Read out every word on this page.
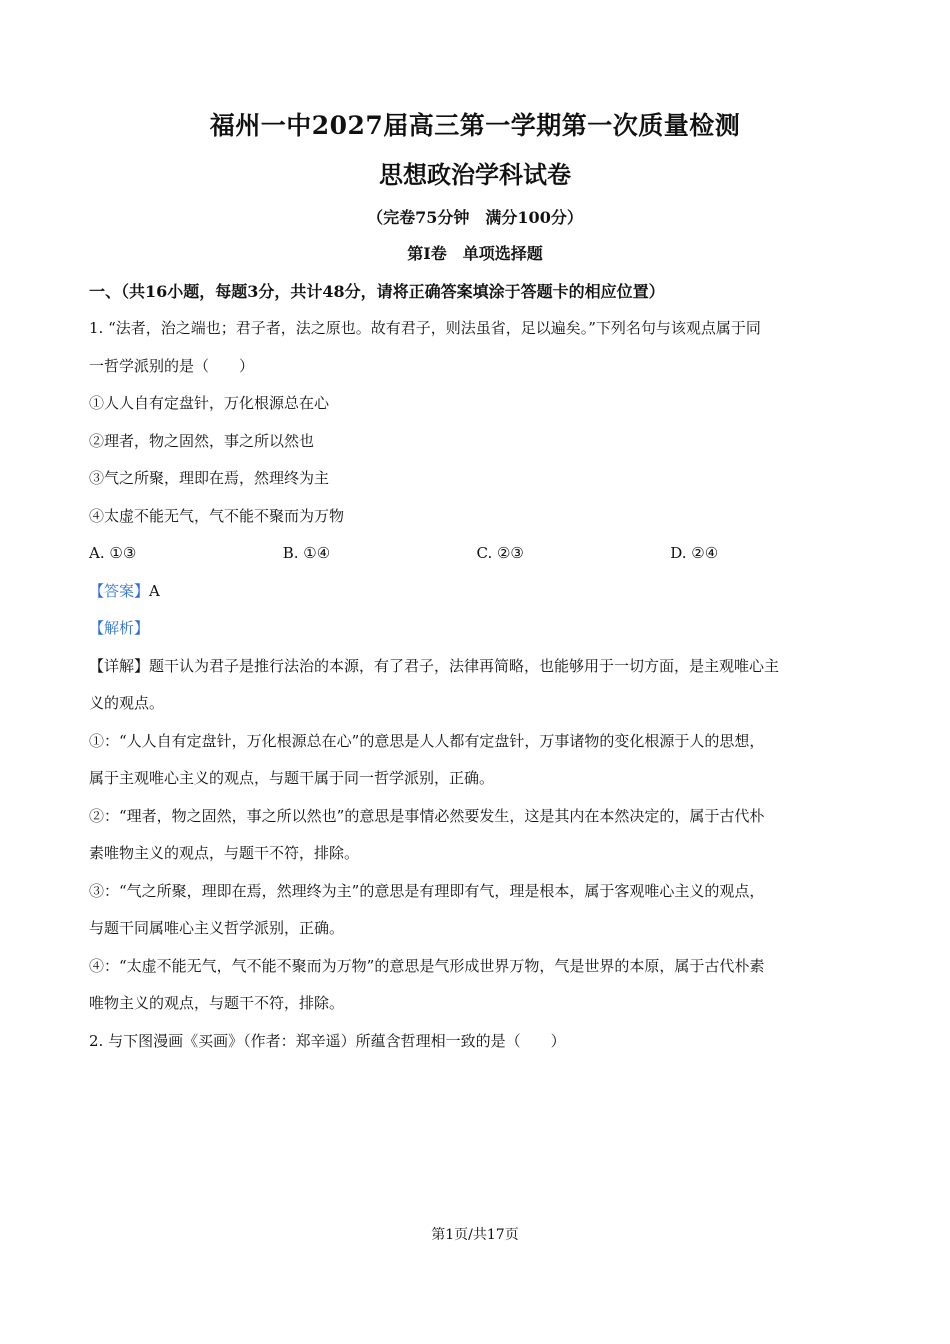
福州一中2027届高三第一学期第一次质量检测
思想政治学科试卷
（完卷75分钟　满分100分）
第Ⅰ卷　单项选择题
一、（共16小题，每题3分，共计48分，请将正确答案填涂于答题卡的相应位置）

1. “法者，治之端也；君子者，法之原也。故有君子，则法虽省，足以遍矣。”下列名句与该观点属于同

一哲学派别的是（　　）

①人人自有定盘针，万化根源总在心

②理者，物之固然，事之所以然也

③气之所聚，理即在焉，然理终为主

④太虚不能无气，气不能不聚而为万物

A. ①③	B. ①④	C. ②③	D. ②④

【答案】A

【解析】

【详解】题干认为君子是推行法治的本源，有了君子，法律再简略，也能够用于一切方面，是主观唯心主

义的观点。

①：“人人自有定盘针，万化根源总在心”的意思是人人都有定盘针，万事诸物的变化根源于人的思想，

属于主观唯心主义的观点，与题干属于同一哲学派别，正确。

②：“理者，物之固然，事之所以然也”的意思是事情必然要发生，这是其内在本然决定的，属于古代朴

素唯物主义的观点，与题干不符，排除。

③：“气之所聚，理即在焉，然理终为主”的意思是有理即有气，理是根本，属于客观唯心主义的观点，

与题干同属唯心主义哲学派别，正确。

④：“太虚不能无气，气不能不聚而为万物”的意思是气形成世界万物，气是世界的本原，属于古代朴素

唯物主义的观点，与题干不符，排除。

2. 与下图漫画《买画》（作者：郑辛遥）所蕴含哲理相一致的是（　　）

第1页/共17页
